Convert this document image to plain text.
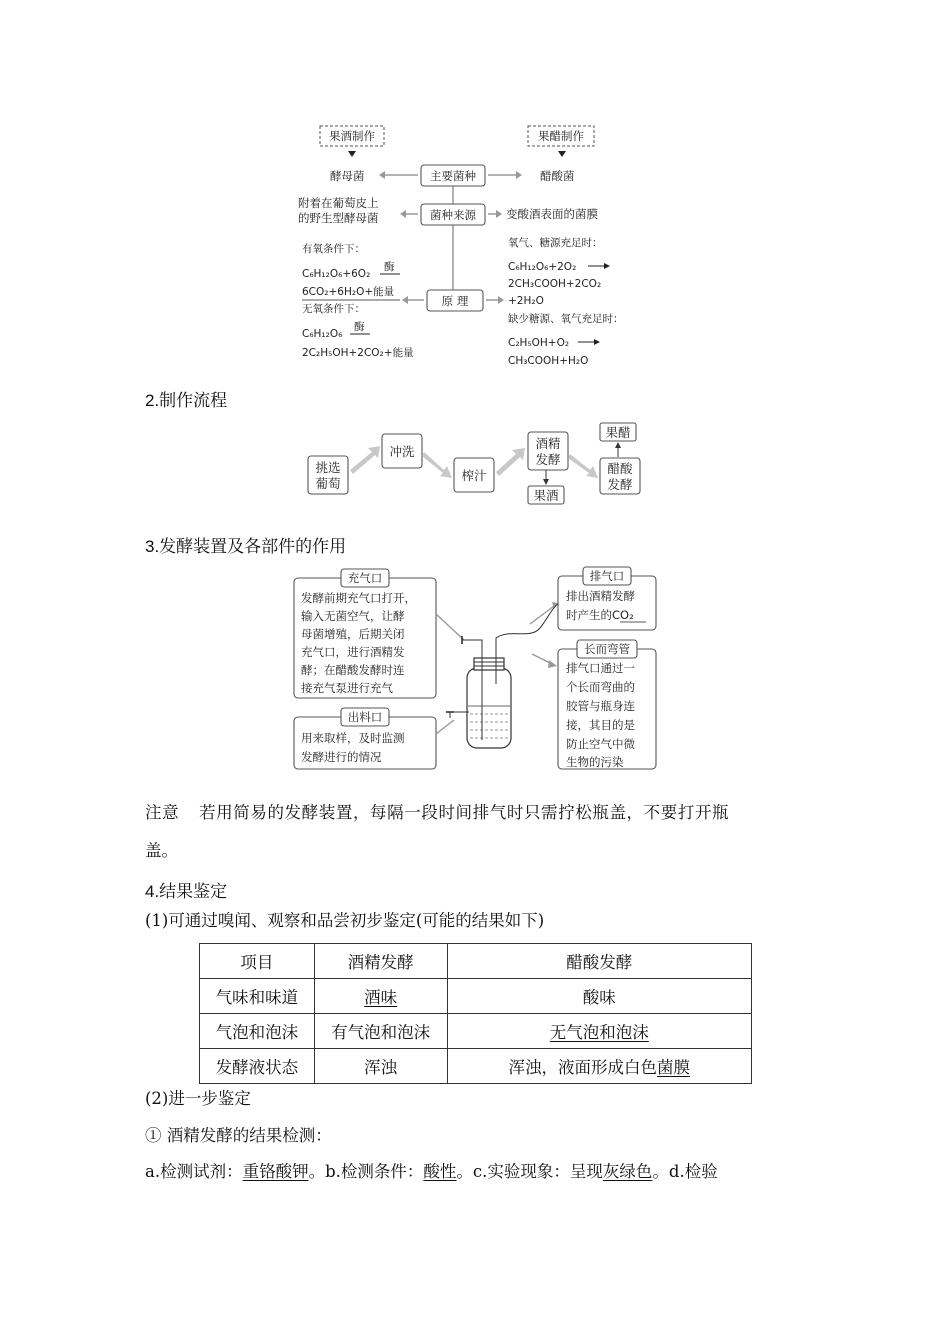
果酒制作	果醋制作
主要菌种
酵母菌	醋酸菌
菌种来源
附着在葡萄皮上
的野生型酵母菌	变酸酒表面的菌膜
原 理
有氧条件下：
C₆H₁₂O₆+6O₂
酶
6CO₂+6H₂O+能量
无氧条件下：
C₆H₁₂O₆
酶
2C₂H₅OH+2CO₂+能量
氧气、糖源充足时：
C₆H₁₂O₆+2O₂
2CH₃COOH+2CO₂
+2H₂O
缺少糖源、氧气充足时：
C₂H₅OH+O₂
CH₃COOH+H₂O
2.制作流程
挑选
葡萄
冲洗
榨汁
酒精
发酵
果酒
醋酸
发酵
果醋
3.发酵装置及各部件的作用
充气口
发酵前期充气口打开，
输入无菌空气，让酵
母菌增殖，后期关闭
充气口，进行酒精发
酵；在醋酸发酵时连
接充气泵进行充气
出料口
用来取样，及时监测
发酵进行的情况
排气口
排出酒精发酵
时产生的CO₂
长而弯管
排气口通过一
个长而弯曲的
胶管与瓶身连
接，其目的是
防止空气中微
生物的污染
注意 若用简易的发酵装置，每隔一段时间排气时只需拧松瓶盖，不要打开瓶
盖。
4.结果鉴定
(1)可通过嗅闻、观察和品尝初步鉴定(可能的结果如下)
项目	酒精发酵	醋酸发酵
气味和味道	酒味	酸味
气泡和泡沫	有气泡和泡沫	无气泡和泡沫
发酵液状态	浑浊	浑浊，液面形成白色菌膜
(2)进一步鉴定
① 酒精发酵的结果检测：
a.检测试剂：重铬酸钾。b.检测条件：酸性。c.实验现象：呈现灰绿色。d.检验
